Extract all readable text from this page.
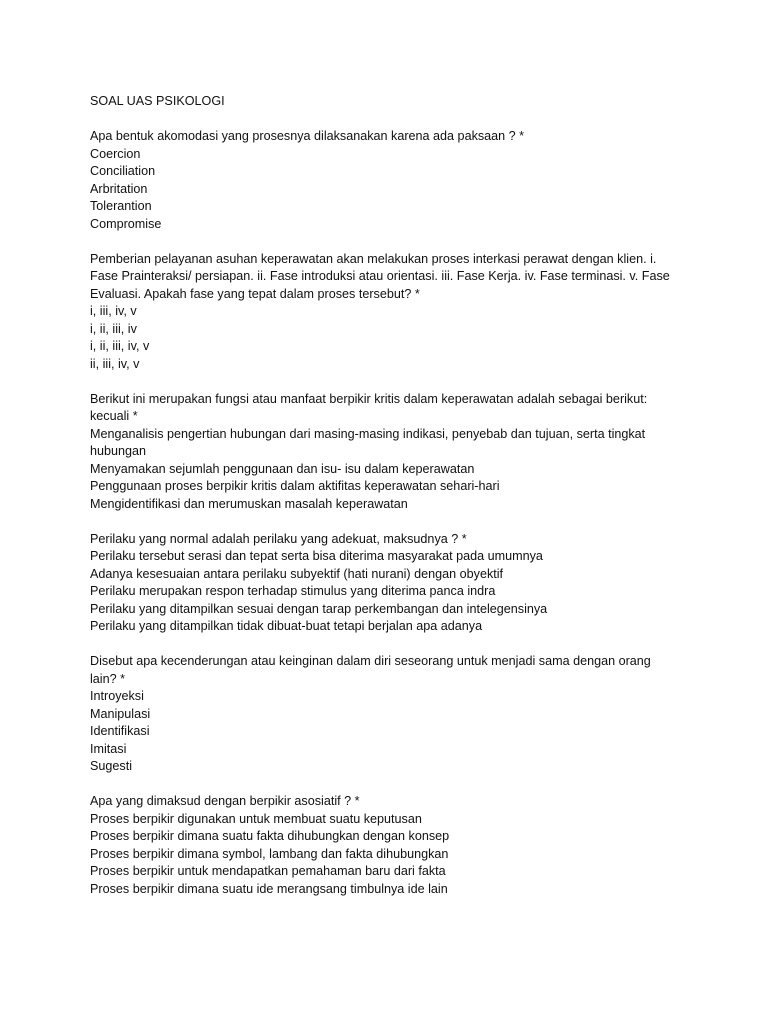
SOAL UAS PSIKOLOGI

Apa bentuk akomodasi yang prosesnya dilaksanakan karena ada paksaan ? *

Coercion

Conciliation

Arbritation

Tolerantion

Compromise

Pemberian pelayanan asuhan keperawatan akan melakukan proses interkasi perawat dengan klien. i. Fase Prainteraksi/ persiapan. ii. Fase introduksi atau orientasi. iii. Fase Kerja. iv. Fase terminasi. v. Fase Evaluasi. Apakah fase yang tepat dalam proses tersebut? *

i, iii, iv, v

i, ii, iii, iv

i, ii, iii, iv, v

ii, iii, iv, v

Berikut ini merupakan fungsi atau manfaat berpikir kritis dalam keperawatan adalah sebagai berikut: kecuali *

Menganalisis pengertian hubungan dari masing-masing indikasi, penyebab dan tujuan, serta tingkat hubungan

Menyamakan sejumlah penggunaan dan isu- isu dalam keperawatan

Penggunaan proses berpikir kritis dalam aktifitas keperawatan sehari-hari

Mengidentifikasi dan merumuskan masalah keperawatan

Perilaku yang normal adalah perilaku yang adekuat, maksudnya ? *

Perilaku tersebut serasi dan tepat serta bisa diterima masyarakat pada umumnya

Adanya kesesuaian antara perilaku subyektif (hati nurani) dengan obyektif

Perilaku merupakan respon terhadap stimulus yang diterima panca indra

Perilaku yang ditampilkan sesuai dengan tarap perkembangan dan intelegensinya

Perilaku yang ditampilkan tidak dibuat-buat tetapi berjalan apa adanya

Disebut apa kecenderungan atau keinginan dalam diri seseorang untuk menjadi sama dengan orang lain? *

Introyeksi

Manipulasi

Identifikasi

Imitasi

Sugesti

Apa yang dimaksud dengan berpikir asosiatif ? *

Proses berpikir digunakan untuk membuat suatu keputusan

Proses berpikir dimana suatu fakta dihubungkan dengan konsep

Proses berpikir dimana symbol, lambang dan fakta dihubungkan

Proses berpikir untuk mendapatkan pemahaman baru dari fakta

Proses berpikir dimana suatu ide merangsang timbulnya ide lain
